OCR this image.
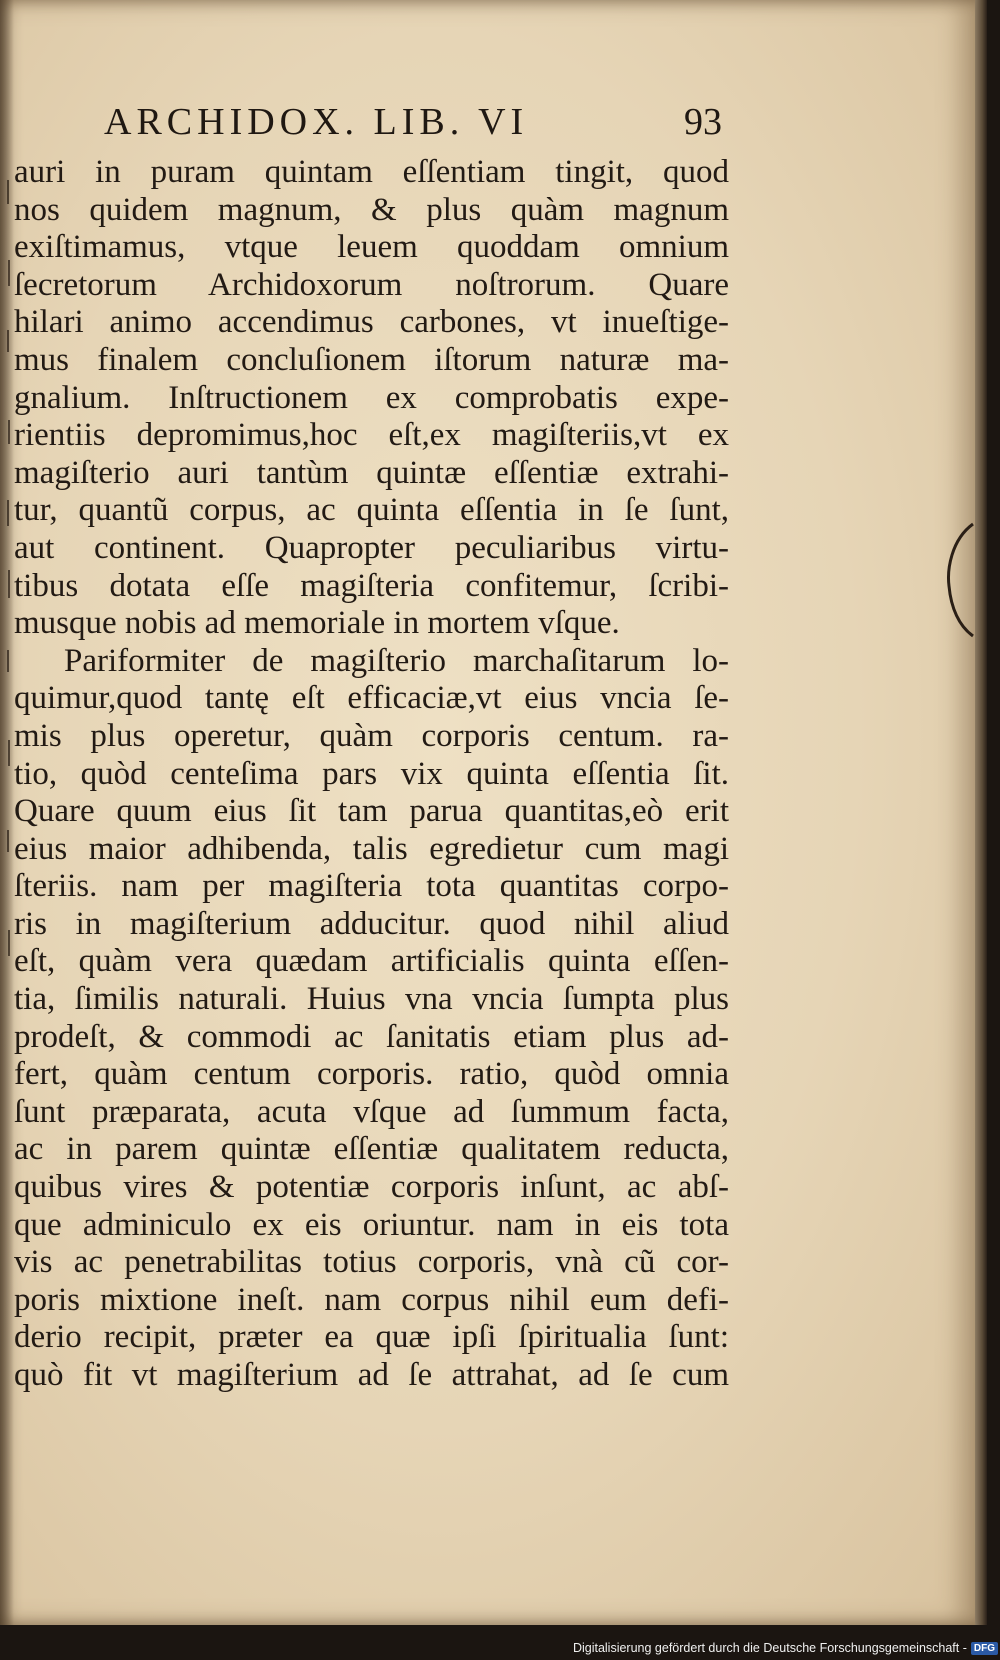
ARCHIDOX. LIB. VI	93
auri in puram quintam eſſentiam tingit, quod
nos quidem magnum, & plus quàm magnum
exiſtimamus, vtque leuem quoddam omnium
ſecretorum Archidoxorum noſtrorum. Quare
hilari animo accendimus carbones, vt inueſtige-
mus finalem concluſionem iſtorum naturæ ma-
gnalium. Inſtructionem ex comprobatis expe-
rientiis depromimus,hoc eſt,ex magiſteriis,vt ex
magiſterio auri tantùm quintæ eſſentiæ extrahi-
tur, quantũ corpus, ac quinta eſſentia in ſe ſunt,
aut continent. Quapropter peculiaribus virtu-
tibus dotata eſſe magiſteria confitemur, ſcribi-
musque nobis ad memoriale in mortem vſque.
Pariformiter de magiſterio marchaſitarum lo-
quimur,quod tantę eſt efficaciæ,vt eius vncia ſe-
mis plus operetur, quàm corporis centum. ra-
tio, quòd centeſima pars vix quinta eſſentia ſit.
Quare quum eius ſit tam parua quantitas,eò erit
eius maior adhibenda, talis egredietur cum magi
ſteriis. nam per magiſteria tota quantitas corpo-
ris in magiſterium adducitur. quod nihil aliud
eſt, quàm vera quædam artificialis quinta eſſen-
tia, ſimilis naturali. Huius vna vncia ſumpta plus
prodeſt, & commodi ac ſanitatis etiam plus ad-
fert, quàm centum corporis. ratio, quòd omnia
ſunt præparata, acuta vſque ad ſummum facta,
ac in parem quintæ eſſentiæ qualitatem reducta,
quibus vires & potentiæ corporis inſunt, ac abſ-
que adminiculo ex eis oriuntur. nam in eis tota
vis ac penetrabilitas totius corporis, vnà cũ cor-
poris mixtione ineſt. nam corpus nihil eum defi-
derio recipit, præter ea quæ ipſi ſpiritualia ſunt:
quò fit vt magiſterium ad ſe attrahat, ad ſe cum
Digitalisierung gefördert durch die Deutsche Forschungsgemeinschaft - DFG
